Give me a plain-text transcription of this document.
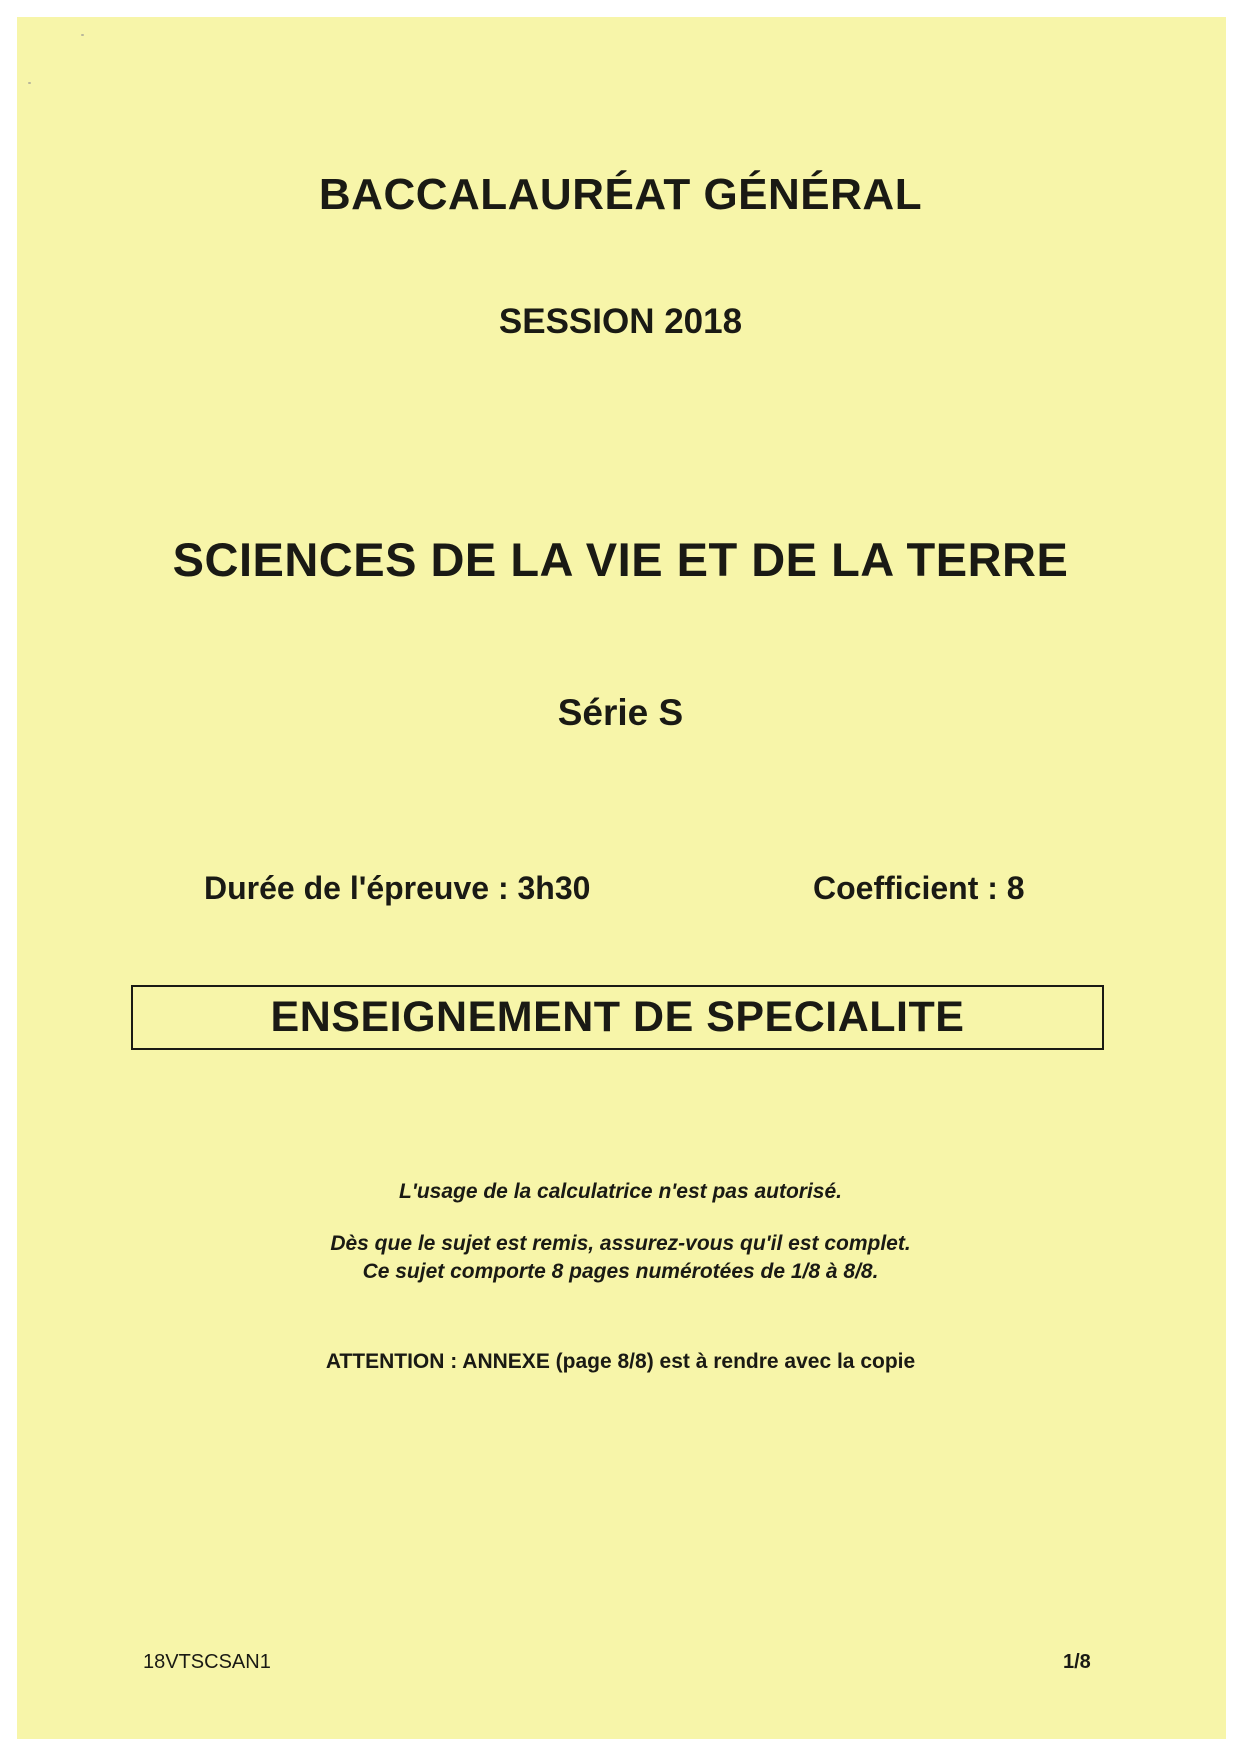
BACCALAURÉAT GÉNÉRAL
SESSION 2018
SCIENCES DE LA VIE ET DE LA TERRE
Série S
Durée de l'épreuve : 3h30	Coefficient : 8
ENSEIGNEMENT DE SPECIALITE
L'usage de la calculatrice n'est pas autorisé.
Dès que le sujet est remis, assurez-vous qu'il est complet.
Ce sujet comporte 8 pages numérotées de 1/8 à 8/8.
ATTENTION : ANNEXE (page 8/8) est à rendre avec la copie
18VTSCSAN1	1/8
